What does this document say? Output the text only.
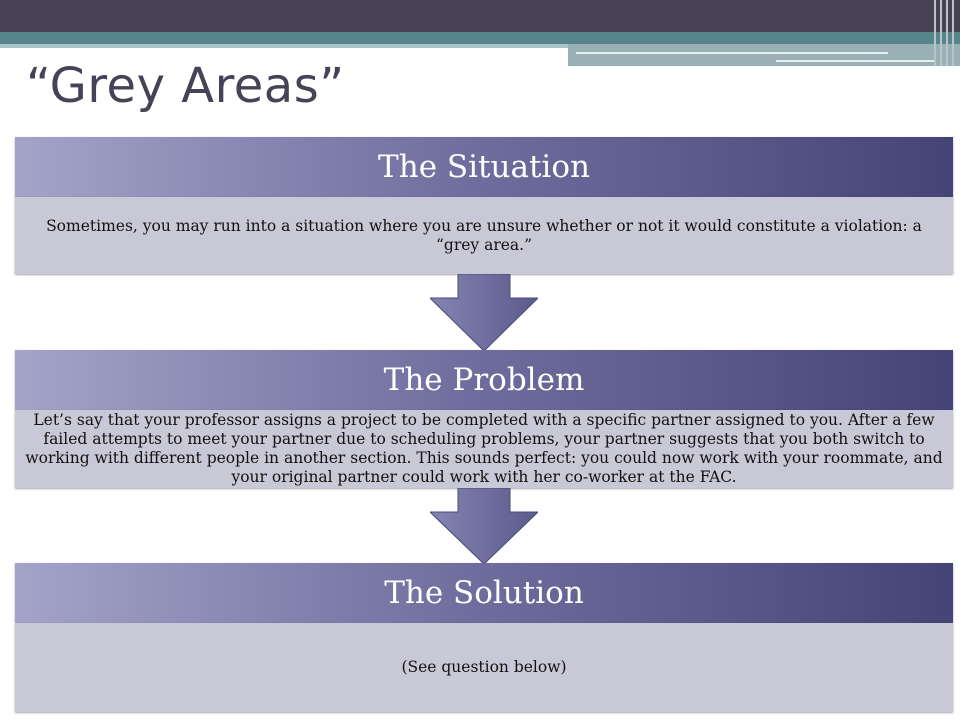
“Grey Areas”
The Situation
Sometimes, you may run into a situation where you are unsure whether or not it would constitute a violation: a “grey area.”
The Problem
Let’s say that your professor assigns a project to be completed with a specific partner assigned to you. After a few failed attempts to meet your partner due to scheduling problems, your partner suggests that you both switch to working with different people in another section. This sounds perfect: you could now work with your roommate, and your original partner could work with her co-worker at the FAC.
The Solution
(See question below)
